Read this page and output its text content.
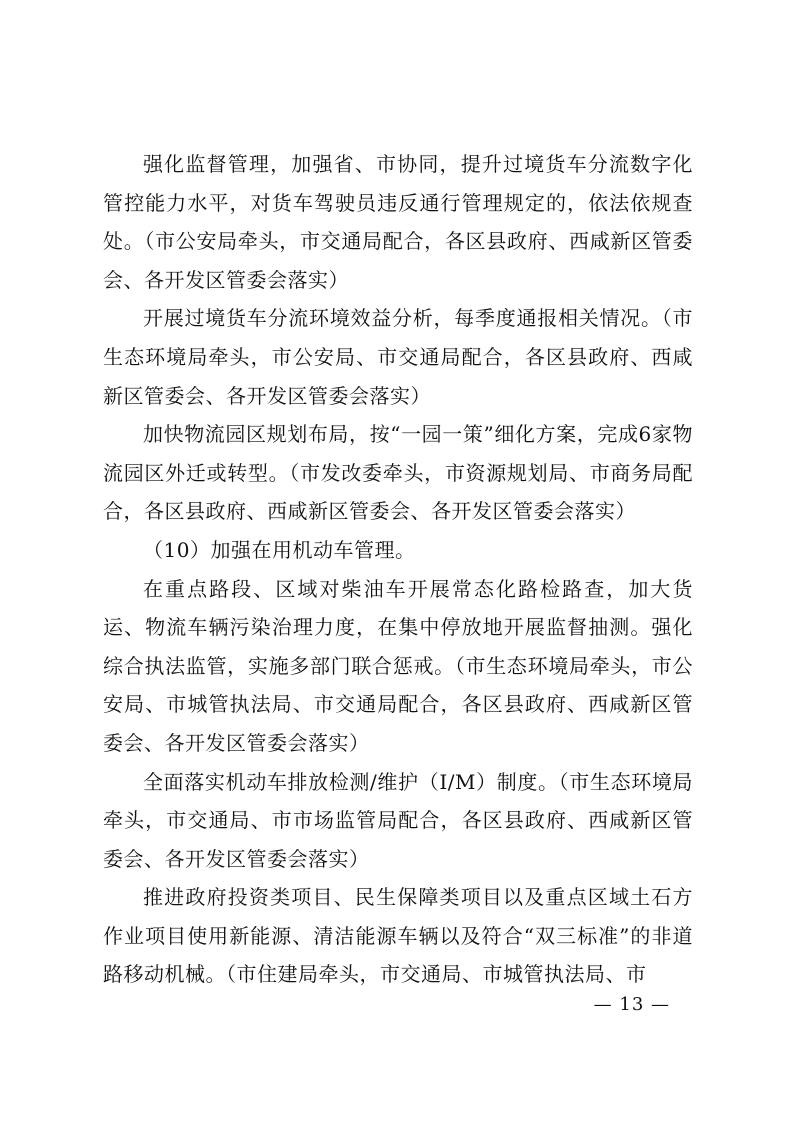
强化监督管理，加强省、市协同，提升过境货车分流数字化管控能力水平，对货车驾驶员违反通行管理规定的，依法依规查处。（市公安局牵头，市交通局配合，各区县政府、西咸新区管委会、各开发区管委会落实）

开展过境货车分流环境效益分析，每季度通报相关情况。（市生态环境局牵头，市公安局、市交通局配合，各区县政府、西咸新区管委会、各开发区管委会落实）

加快物流园区规划布局，按“一园一策”细化方案，完成6家物流园区外迁或转型。（市发改委牵头，市资源规划局、市商务局配合，各区县政府、西咸新区管委会、各开发区管委会落实）

（10）加强在用机动车管理。

在重点路段、区域对柴油车开展常态化路检路查，加大货运、物流车辆污染治理力度，在集中停放地开展监督抽测。强化综合执法监管，实施多部门联合惩戒。（市生态环境局牵头，市公安局、市城管执法局、市交通局配合，各区县政府、西咸新区管委会、各开发区管委会落实）

全面落实机动车排放检测/维护（I/M）制度。（市生态环境局牵头，市交通局、市市场监管局配合，各区县政府、西咸新区管委会、各开发区管委会落实）

推进政府投资类项目、民生保障类项目以及重点区域土石方作业项目使用新能源、清洁能源车辆以及符合“双三标准”的非道路移动机械。（市住建局牵头，市交通局、市城管执法局、市

— 13 —
